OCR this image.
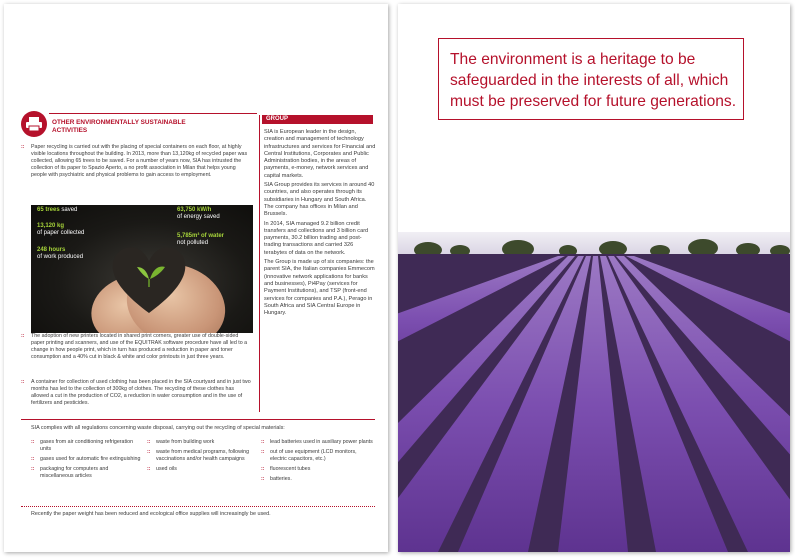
OTHER ENVIRONMENTALLY SUSTAINABLE ACTIVITIES
GROUP
:: Paper recycling is carried out with the placing of special containers on each floor, at highly visible locations throughout the building. In 2013, more than 13,120kg of recycled paper was collected, allowing 65 trees to be saved. For a number of years now, SIA has intrusted the collection of its paper to Spazio Aperto, a no profit association in Milan that helps young people with psychiatric and physical problems to gain access to employment.
65 trees saved
13,120 kg
of paper collected
248 hours
of work produced
63,750 kW/h
of energy saved
5,785m³ of water
not polluted
:: The adoption of new printers located in shared print corners, greater use of double-sided paper printing and scanners, and use of the EQUITRAK software procedure have all led to a change in how people print, which in turn has produced a reduction in paper and toner consumption and a 40% cut in black & white and color printouts in just three years.
:: A container for collection of used clothing has been placed in the SIA courtyard and in just two months has led to the collection of 300kg of clothes. The recycling of these clothes has allowed a cut in the production of CO2, a reduction in water consumption and in the use of fertilizers and pesticides.

SIA is European leader in the design, creation and management of technology infrastructures and services for Financial and Central Institutions, Corporates and Public Administration bodies, in the areas of payments, e-money, network services and capital markets.

SIA Group provides its services in around 40 countries, and also operates through its subsidiaries in Hungary and South Africa. The company has offices in Milan and Brussels.

In 2014, SIA managed 9.2 billion credit transfers and collections and 3 billion card payments, 30.2 billion trading and post-trading transactions and carried 326 terabytes of data on the network.

The Group is made up of six companies: the parent SIA, the Italian companies Emmecom (innovative network applications for banks and businesses), Pi4Pay (services for Payment Institutions), and TSP (front-end services for companies and P.A.), Perago in South Africa and SIA Central Europe in Hungary.

SIA complies with all regulations concerning waste disposal, carrying out the recycling of special materials:
:: gases from air conditioning refrigeration units
:: gases used for automatic fire extinguishing
:: packaging for computers and miscellaneous articles
:: waste from building work
:: waste from medical programs, following vaccinations and/or health campaigns
:: used oils
:: lead batteries used in auxiliary power plants
:: out of use equipment (LCD monitors, electric capacitors, etc.)
:: fluorescent tubes
:: batteries.
Recently the paper weight has been reduced and ecological office supplies will increasingly be used.
The environment is a heritage to be safeguarded in the interests of all, which must be preserved for future generations.
